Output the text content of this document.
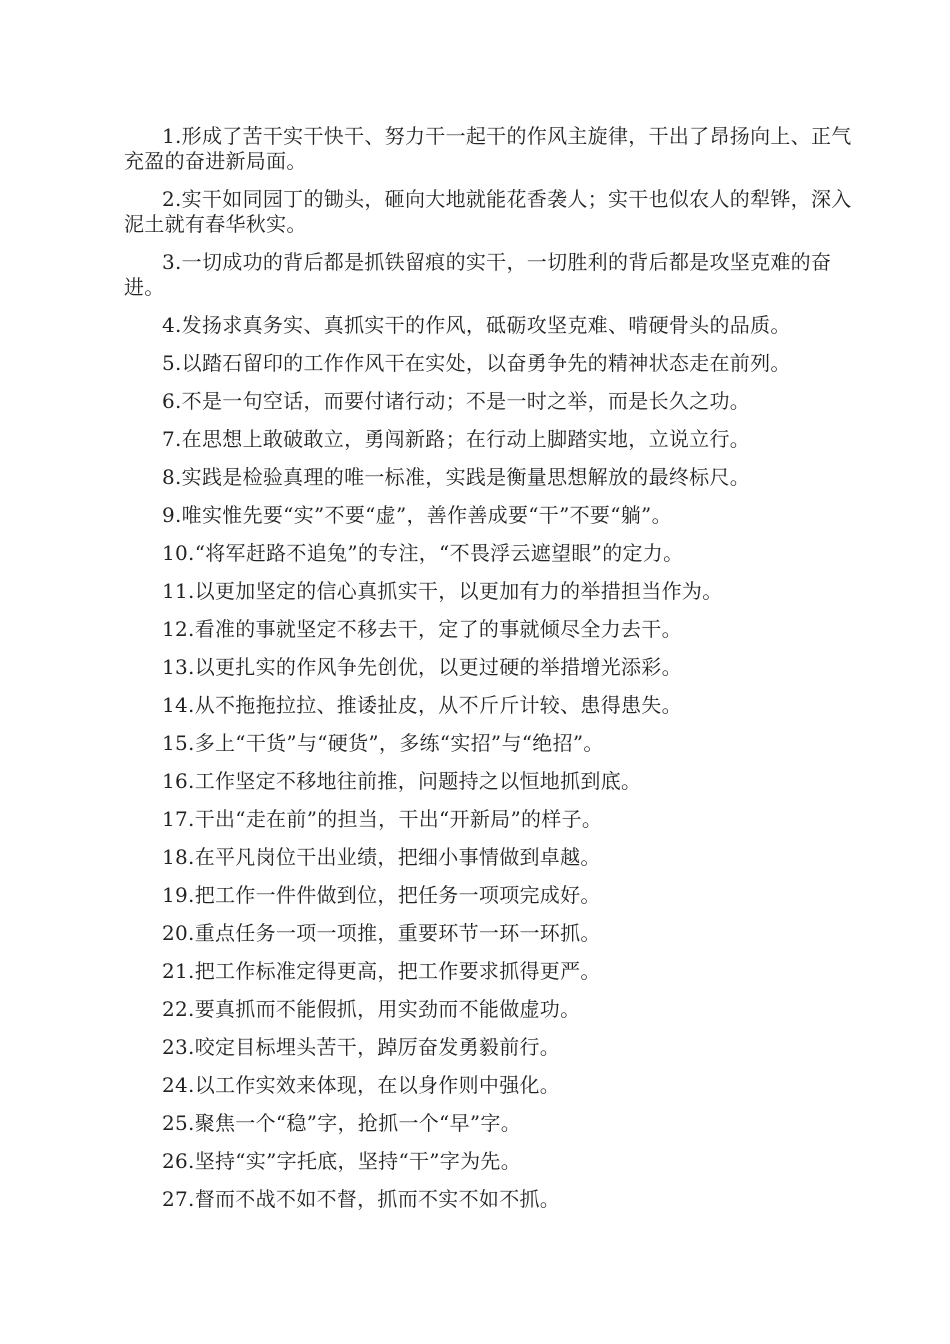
1.形成了苦干实干快干、努力干一起干的作风主旋律，干出了昂扬向上、正气充盈的奋进新局面。

2.实干如同园丁的锄头，砸向大地就能花香袭人；实干也似农人的犁铧，深入泥土就有春华秋实。

3.一切成功的背后都是抓铁留痕的实干，一切胜利的背后都是攻坚克难的奋进。

4.发扬求真务实、真抓实干的作风，砥砺攻坚克难、啃硬骨头的品质。

5.以踏石留印的工作作风干在实处，以奋勇争先的精神状态走在前列。

6.不是一句空话，而要付诸行动；不是一时之举，而是长久之功。

7.在思想上敢破敢立，勇闯新路；在行动上脚踏实地，立说立行。

8.实践是检验真理的唯一标准，实践是衡量思想解放的最终标尺。

9.唯实惟先要“实”不要“虚”，善作善成要“干”不要“躺”。

10.“将军赶路不追兔”的专注，“不畏浮云遮望眼”的定力。

11.以更加坚定的信心真抓实干，以更加有力的举措担当作为。

12.看准的事就坚定不移去干，定了的事就倾尽全力去干。

13.以更扎实的作风争先创优，以更过硬的举措增光添彩。

14.从不拖拖拉拉、推诿扯皮，从不斤斤计较、患得患失。

15.多上“干货”与“硬货”，多练“实招”与“绝招”。

16.工作坚定不移地往前推，问题持之以恒地抓到底。

17.干出“走在前”的担当，干出“开新局”的样子。

18.在平凡岗位干出业绩，把细小事情做到卓越。

19.把工作一件件做到位，把任务一项项完成好。

20.重点任务一项一项推，重要环节一环一环抓。

21.把工作标准定得更高，把工作要求抓得更严。

22.要真抓而不能假抓，用实劲而不能做虚功。

23.咬定目标埋头苦干，踔厉奋发勇毅前行。

24.以工作实效来体现，在以身作则中强化。

25.聚焦一个“稳”字，抢抓一个“早”字。

26.坚持“实”字托底，坚持“干”字为先。

27.督而不战不如不督，抓而不实不如不抓。
